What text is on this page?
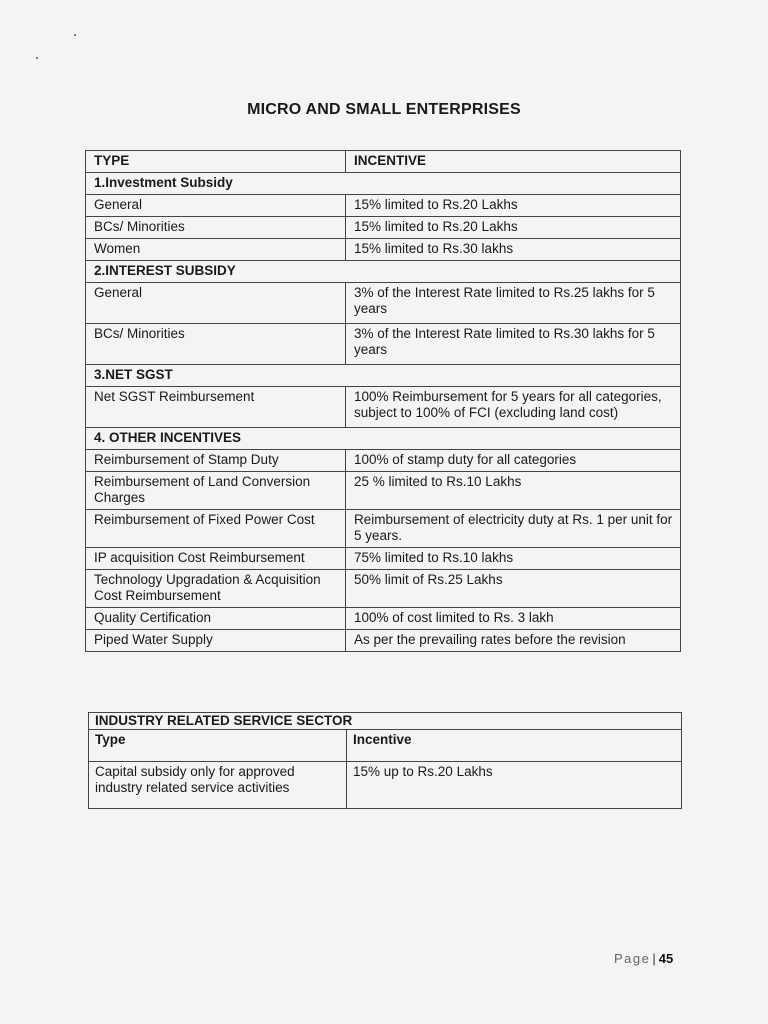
MICRO AND SMALL ENTERPRISES
TYPE	INCENTIVE
1.Investment Subsidy	
General	15% limited to Rs.20 Lakhs
BCs/ Minorities	15% limited to Rs.20 Lakhs
Women	15% limited to Rs.30 lakhs
2.INTEREST SUBSIDY	
General	3% of the Interest Rate limited to Rs.25 lakhs for 5 years
BCs/ Minorities	3% of the Interest Rate limited to Rs.30 lakhs for 5 years
3.NET SGST	
Net SGST Reimbursement	100% Reimbursement for 5 years for all categories, subject to 100% of FCI (excluding land cost)
4. OTHER INCENTIVES	
Reimbursement of Stamp Duty	100% of stamp duty for all categories
Reimbursement of Land Conversion Charges	25 % limited to Rs.10 Lakhs
Reimbursement of Fixed Power Cost	Reimbursement of electricity duty at Rs. 1 per unit for 5 years.
IP acquisition Cost Reimbursement	75% limited to Rs.10 lakhs
Technology Upgradation & Acquisition Cost Reimbursement	50% limit of Rs.25 Lakhs
Quality Certification	100% of cost limited to Rs. 3 lakh
Piped Water Supply	As per the prevailing rates before the revision
INDUSTRY RELATED SERVICE SECTOR	
Type	Incentive
Capital subsidy only for approved industry related service activities	15% up to Rs.20 Lakhs
Page | 45
